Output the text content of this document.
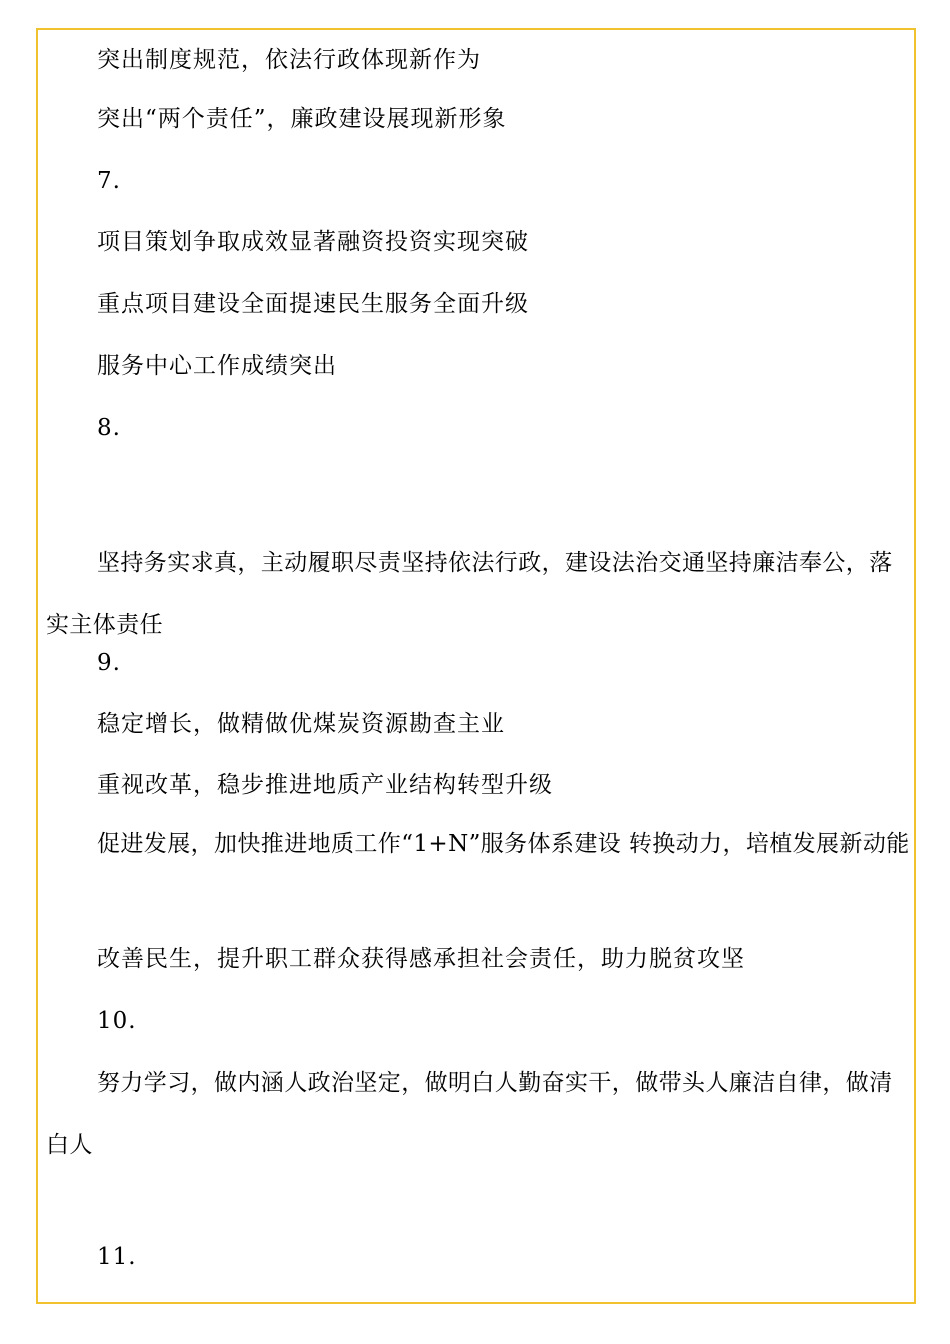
突出制度规范，依法行政体现新作为

突出“两个责任”，廉政建设展现新形象

7.

项目策划争取成效显著融资投资实现突破

重点项目建设全面提速民生服务全面升级

服务中心工作成绩突出

8.

坚持务实求真，主动履职尽责坚持依法行政，建设法治交通坚持廉洁奉公，落实主体责任

9.

稳定增长，做精做优煤炭资源勘查主业

重视改革，稳步推进地质产业结构转型升级

促进发展，加快推进地质工作“1+N”服务体系建设 转换动力，培植发展新动能

改善民生，提升职工群众获得感承担社会责任，助力脱贫攻坚

10.

努力学习，做内涵人政治坚定，做明白人勤奋实干，做带头人廉洁自律，做清白人

11.
